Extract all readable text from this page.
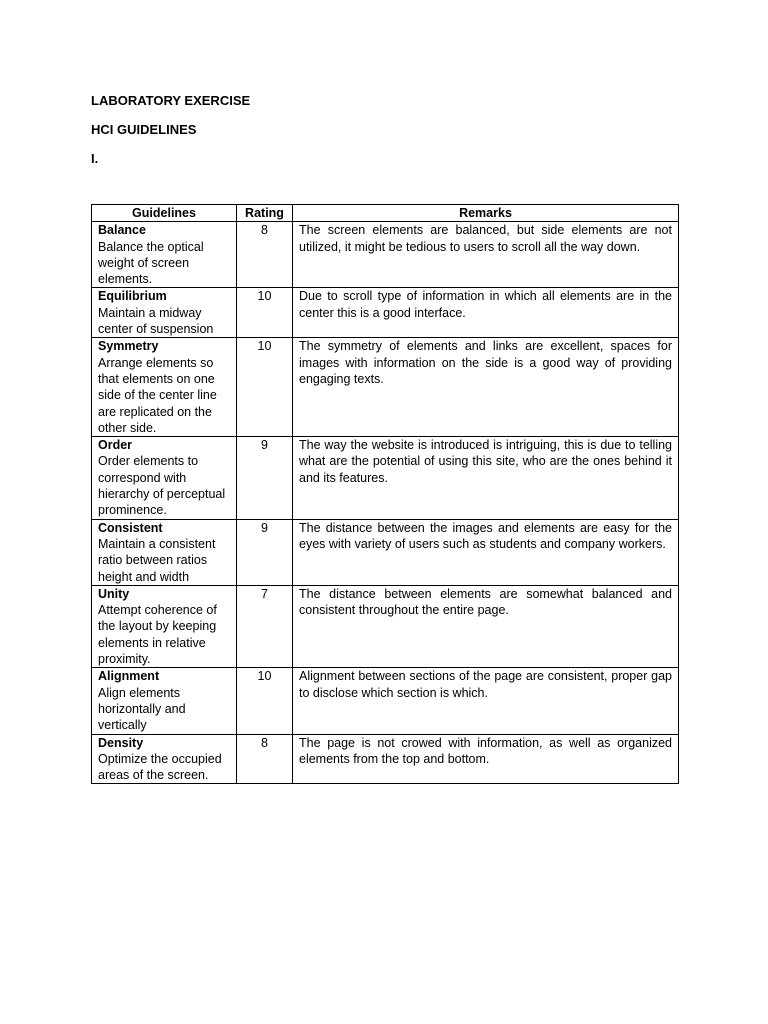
LABORATORY EXERCISE

HCI GUIDELINES

I.

Guidelines	Rating	Remarks

Balance
Balance the optical weight of screen elements.	8	The screen elements are balanced, but side elements are not utilized, it might be tedious to users to scroll all the way down.

Equilibrium
Maintain a midway center of suspension	10	Due to scroll type of information in which all elements are in the center this is a good interface.

Symmetry
Arrange elements so that elements on one side of the center line are replicated on the other side.	10	The symmetry of elements and links are excellent, spaces for images with information on the side is a good way of providing engaging texts.

Order
Order elements to correspond with hierarchy of perceptual prominence.	9	The way the website is introduced is intriguing, this is due to telling what are the potential of using this site, who are the ones behind it and its features.

Consistent
Maintain a consistent ratio between ratios height and width	9	The distance between the images and elements are easy for the eyes with variety of users such as students and company workers.

Unity
Attempt coherence of the layout by keeping elements in relative proximity.	7	The distance between elements are somewhat balanced and consistent throughout the entire page.

Alignment
Align elements horizontally and vertically	10	Alignment between sections of the page are consistent, proper gap to disclose which section is which.

Density
Optimize the occupied areas of the screen.	8	The page is not crowed with information, as well as organized elements from the top and bottom.
